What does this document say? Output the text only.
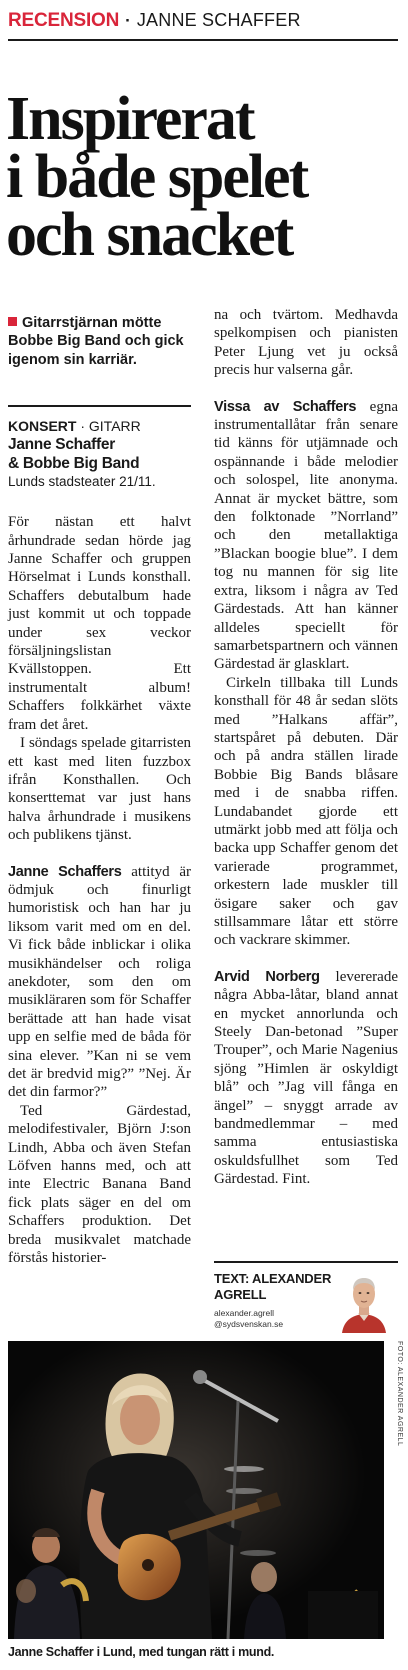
RECENSION · JANNE SCHAFFER
Inspirerat
i både spelet
och snacket

Gitarrstjärnan mötte Bobbe Big Band och gick igenom sin karriär.

KONSERT · GITARR
Janne Schaffer
& Bobbe Big Band
Lunds stadsteater 21/11.

För nästan ett halvt århundrade sedan hörde jag Janne Schaffer och gruppen Hörselmat i Lunds konsthall. Schaffers debutalbum hade just kommit ut och toppade under sex veckor försäljningslistan Kvällstoppen. Ett instrumentalt album! Schaffers folkkärhet växte fram det året.

I söndags spelade gitarristen ett kast med liten fuzzbox ifrån Konsthallen. Och konserttemat var just hans halva århundrade i musikens och publikens tjänst.

Janne Schaffers attityd är ödmjuk och finurligt humoristisk och han har ju liksom varit med om en del. Vi fick både inblickar i olika musikhändelser och roliga anekdoter, som den om musikläraren som för Schaffer berättade att han hade visat upp en selfie med de båda för sina elever. ”Kan ni se vem det är bredvid mig?” ”Nej. Är det din farmor?”

Ted Gärdestad, melodifestivaler, Björn J:son Lindh, Abba och även Stefan Löfven hanns med, och att inte Electric Banana Band fick plats säger en del om Schaffers produktion. Det breda musikvalet matchade förstås historier-

na och tvärtom. Medhavda spelkompisen och pianisten Peter Ljung vet ju också precis hur valserna går.

Vissa av Schaffers egna instrumentallåtar från senare tid känns för utjämnade och ospännande i både melodier och solospel, lite anonyma. Annat är mycket bättre, som den folktonade ”Norrland” och den metallaktiga ”Blackan boogie blue”. I dem tog nu mannen för sig lite extra, liksom i några av Ted Gärdestads. Att han känner alldeles speciellt för samarbetspartnern och vännen Gärdestad är glasklart.

Cirkeln tillbaka till Lunds konsthall för 48 år sedan slöts med ”Halkans affär”, startspåret på debuten. Där och på andra ställen lirade Bobbie Big Bands blåsare med i de snabba riffen. Lundabandet gjorde ett utmärkt jobb med att följa och backa upp Schaffer genom det varierade programmet, orkestern lade muskler till ösigare saker och gav stillsammare låtar ett större och vackrare skimmer.

Arvid Norberg levererade några Abba-låtar, bland annat en mycket annorlunda och Steely Dan-betonad ”Super Trouper”, och Marie Nagenius sjöng ”Himlen är oskyldigt blå” och ”Jag vill fånga en ängel” – snyggt arrade av bandmedlemmar – med samma entusiastiska oskuldsfullhet som Ted Gärdestad. Fint.

TEXT: ALEXANDER
AGRELL
alexander.agrell
@sydsvenskan.se
FOTO: ALEXANDER AGRELL
Janne Schaffer i Lund, med tungan rätt i mund.
